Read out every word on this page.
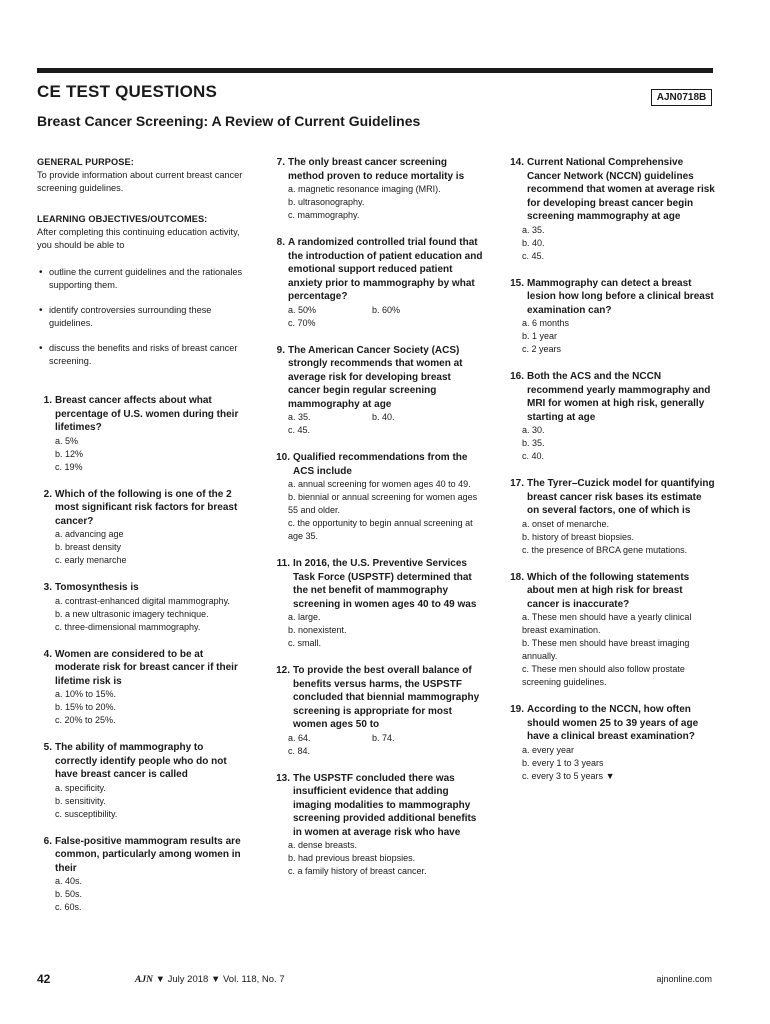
CE TEST QUESTIONS	AJN0718B
Breast Cancer Screening: A Review of Current Guidelines
GENERAL PURPOSE:
To provide information about current breast cancer screening guidelines.
LEARNING OBJECTIVES/OUTCOMES:
After completing this continuing education activity, you should be able to
• outline the current guidelines and the rationales supporting them.
• identify controversies surrounding these guidelines.
• discuss the benefits and risks of breast cancer screening.
1. Breast cancer affects about what percentage of U.S. women during their lifetimes?
a. 5%
b. 12%
c. 19%
2. Which of the following is one of the 2 most significant risk factors for breast cancer?
a. advancing age
b. breast density
c. early menarche
3. Tomosynthesis is
a. contrast-enhanced digital mammography.
b. a new ultrasonic imagery technique.
c. three-dimensional mammography.
4. Women are considered to be at moderate risk for breast cancer if their lifetime risk is
a. 10% to 15%.
b. 15% to 20%.
c. 20% to 25%.
5. The ability of mammography to correctly identify people who do not have breast cancer is called
a. specificity.
b. sensitivity.
c. susceptibility.
6. False-positive mammogram results are common, particularly among women in their
a. 40s.
b. 50s.
c. 60s.
7. The only breast cancer screening method proven to reduce mortality is
a. magnetic resonance imaging (MRI).
b. ultrasonography.
c. mammography.
8. A randomized controlled trial found that the introduction of patient education and emotional support reduced patient anxiety prior to mammography by what percentage?
a. 50%	b. 60%
c. 70%
9. The American Cancer Society (ACS) strongly recommends that women at average risk for developing breast cancer begin regular screening mammography at age
a. 35.	b. 40.
c. 45.
10. Qualified recommendations from the ACS include
a. annual screening for women ages 40 to 49.
b. biennial or annual screening for women ages 55 and older.
c. the opportunity to begin annual screening at age 35.
11. In 2016, the U.S. Preventive Services Task Force (USPSTF) determined that the net benefit of mammography screening in women ages 40 to 49 was
a. large.
b. nonexistent.
c. small.
12. To provide the best overall balance of benefits versus harms, the USPSTF concluded that biennial mammography screening is appropriate for most women ages 50 to
a. 64.	b. 74.
c. 84.
13. The USPSTF concluded there was insufficient evidence that adding imaging modalities to mammography screening provided additional benefits in women at average risk who have
a. dense breasts.
b. had previous breast biopsies.
c. a family history of breast cancer.
14. Current National Comprehensive Cancer Network (NCCN) guidelines recommend that women at average risk for developing breast cancer begin screening mammography at age
a. 35.
b. 40.
c. 45.
15. Mammography can detect a breast lesion how long before a clinical breast examination can?
a. 6 months
b. 1 year
c. 2 years
16. Both the ACS and the NCCN recommend yearly mammography and MRI for women at high risk, generally starting at age
a. 30.
b. 35.
c. 40.
17. The Tyrer–Cuzick model for quantifying breast cancer risk bases its estimate on several factors, one of which is
a. onset of menarche.
b. history of breast biopsies.
c. the presence of BRCA gene mutations.
18. Which of the following statements about men at high risk for breast cancer is inaccurate?
a. These men should have a yearly clinical breast examination.
b. These men should have breast imaging annually.
c. These men should also follow prostate screening guidelines.
19. According to the NCCN, how often should women 25 to 39 years of age have a clinical breast examination?
a. every year
b. every 1 to 3 years
c. every 3 to 5 years ▼
42	AJN ▼ July 2018 ▼ Vol. 118, No. 7	ajnonline.com
